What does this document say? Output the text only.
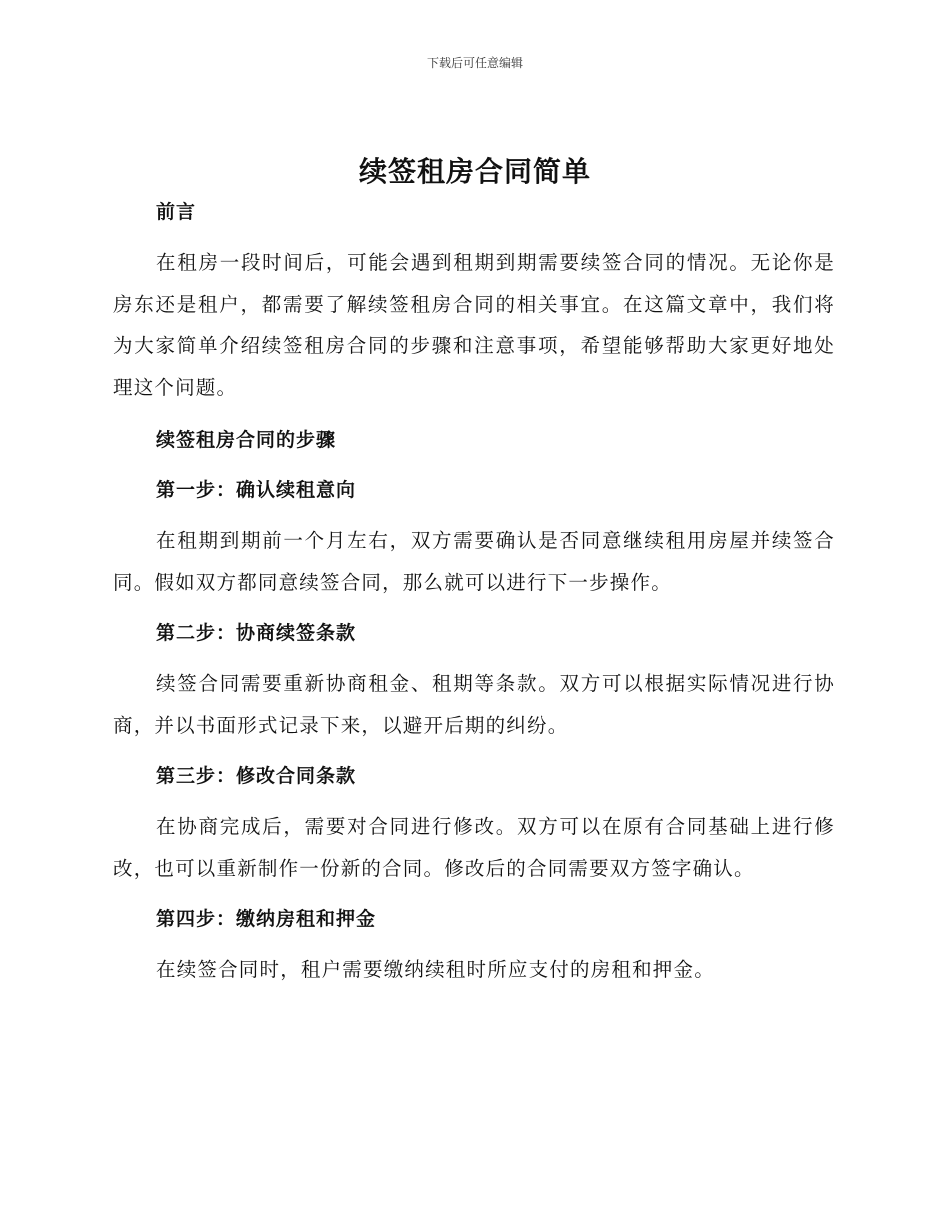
下载后可任意编辑
续签租房合同简单

前言

在租房一段时间后，可能会遇到租期到期需要续签合同的情况。无论你是房东还是租户，都需要了解续签租房合同的相关事宜。在这篇文章中，我们将为大家简单介绍续签租房合同的步骤和注意事项，希望能够帮助大家更好地处理这个问题。

续签租房合同的步骤

第一步：确认续租意向

在租期到期前一个月左右，双方需要确认是否同意继续租用房屋并续签合同。假如双方都同意续签合同，那么就可以进行下一步操作。

第二步：协商续签条款

续签合同需要重新协商租金、租期等条款。双方可以根据实际情况进行协商，并以书面形式记录下来，以避开后期的纠纷。

第三步：修改合同条款

在协商完成后，需要对合同进行修改。双方可以在原有合同基础上进行修改，也可以重新制作一份新的合同。修改后的合同需要双方签字确认。

第四步：缴纳房租和押金

在续签合同时，租户需要缴纳续租时所应支付的房租和押金。
